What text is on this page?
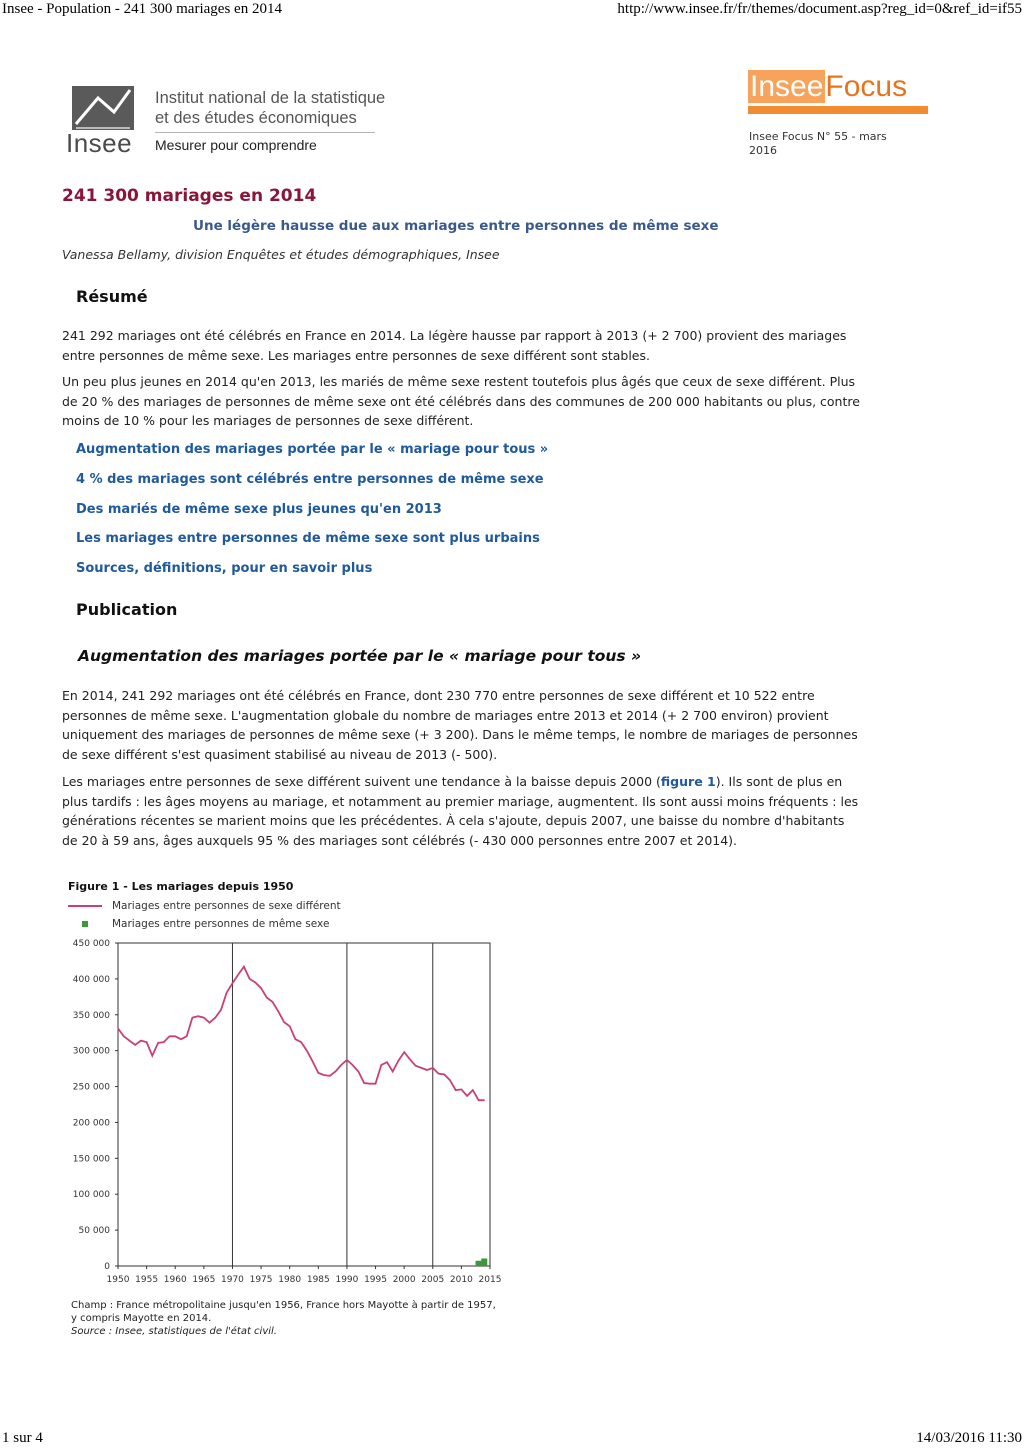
Insee - Population - 241 300 mariages en 2014	http://www.insee.fr/fr/themes/document.asp?reg_id=0&ref_id=if55
Insee
Institut national de la statistique
et des études économiques
Mesurer pour comprendre
InseeFocus
Insee Focus N° 55 - mars
2016
241 300 mariages en 2014
Une légère hausse due aux mariages entre personnes de même sexe
Vanessa Bellamy, division Enquêtes et études démographiques, Insee
Résumé

241 292 mariages ont été célébrés en France en 2014. La légère hausse par rapport à 2013 (+ 2 700) provient des mariages entre personnes de même sexe. Les mariages entre personnes de sexe différent sont stables.

Un peu plus jeunes en 2014 qu'en 2013, les mariés de même sexe restent toutefois plus âgés que ceux de sexe différent. Plus de 20 % des mariages de personnes de même sexe ont été célébrés dans des communes de 200 000 habitants ou plus, contre moins de 10 % pour les mariages de personnes de sexe différent.

Augmentation des mariages portée par le « mariage pour tous »
4 % des mariages sont célébrés entre personnes de même sexe
Des mariés de même sexe plus jeunes qu'en 2013
Les mariages entre personnes de même sexe sont plus urbains
Sources, définitions, pour en savoir plus
Publication
Augmentation des mariages portée par le « mariage pour tous »

En 2014, 241 292 mariages ont été célébrés en France, dont 230 770 entre personnes de sexe différent et 10 522 entre personnes de même sexe. L'augmentation globale du nombre de mariages entre 2013 et 2014 (+ 2 700 environ) provient uniquement des mariages de personnes de même sexe (+ 3 200). Dans le même temps, le nombre de mariages de personnes de sexe différent s'est quasiment stabilisé au niveau de 2013 (- 500).

Les mariages entre personnes de sexe différent suivent une tendance à la baisse depuis 2000 (figure 1). Ils sont de plus en plus tardifs : les âges moyens au mariage, et notamment au premier mariage, augmentent. Ils sont aussi moins fréquents : les générations récentes se marient moins que les précédentes. À cela s'ajoute, depuis 2007, une baisse du nombre d'habitants de 20 à 59 ans, âges auxquels 95 % des mariages sont célébrés (- 430 000 personnes entre 2007 et 2014).

Figure 1 - Les mariages depuis 1950
Mariages entre personnes de sexe différent
Mariages entre personnes de même sexe
0
50 000
100 000
150 000
200 000
250 000
300 000
350 000
400 000
450 000
1950 1955 1960 1965 1970 1975 1980 1985 1990 1995 2000 2005 2010 2015
Champ : France métropolitaine jusqu'en 1956, France hors Mayotte à partir de 1957, y compris Mayotte en 2014.
Source : Insee, statistiques de l'état civil.
1 sur 4	14/03/2016 11:30
